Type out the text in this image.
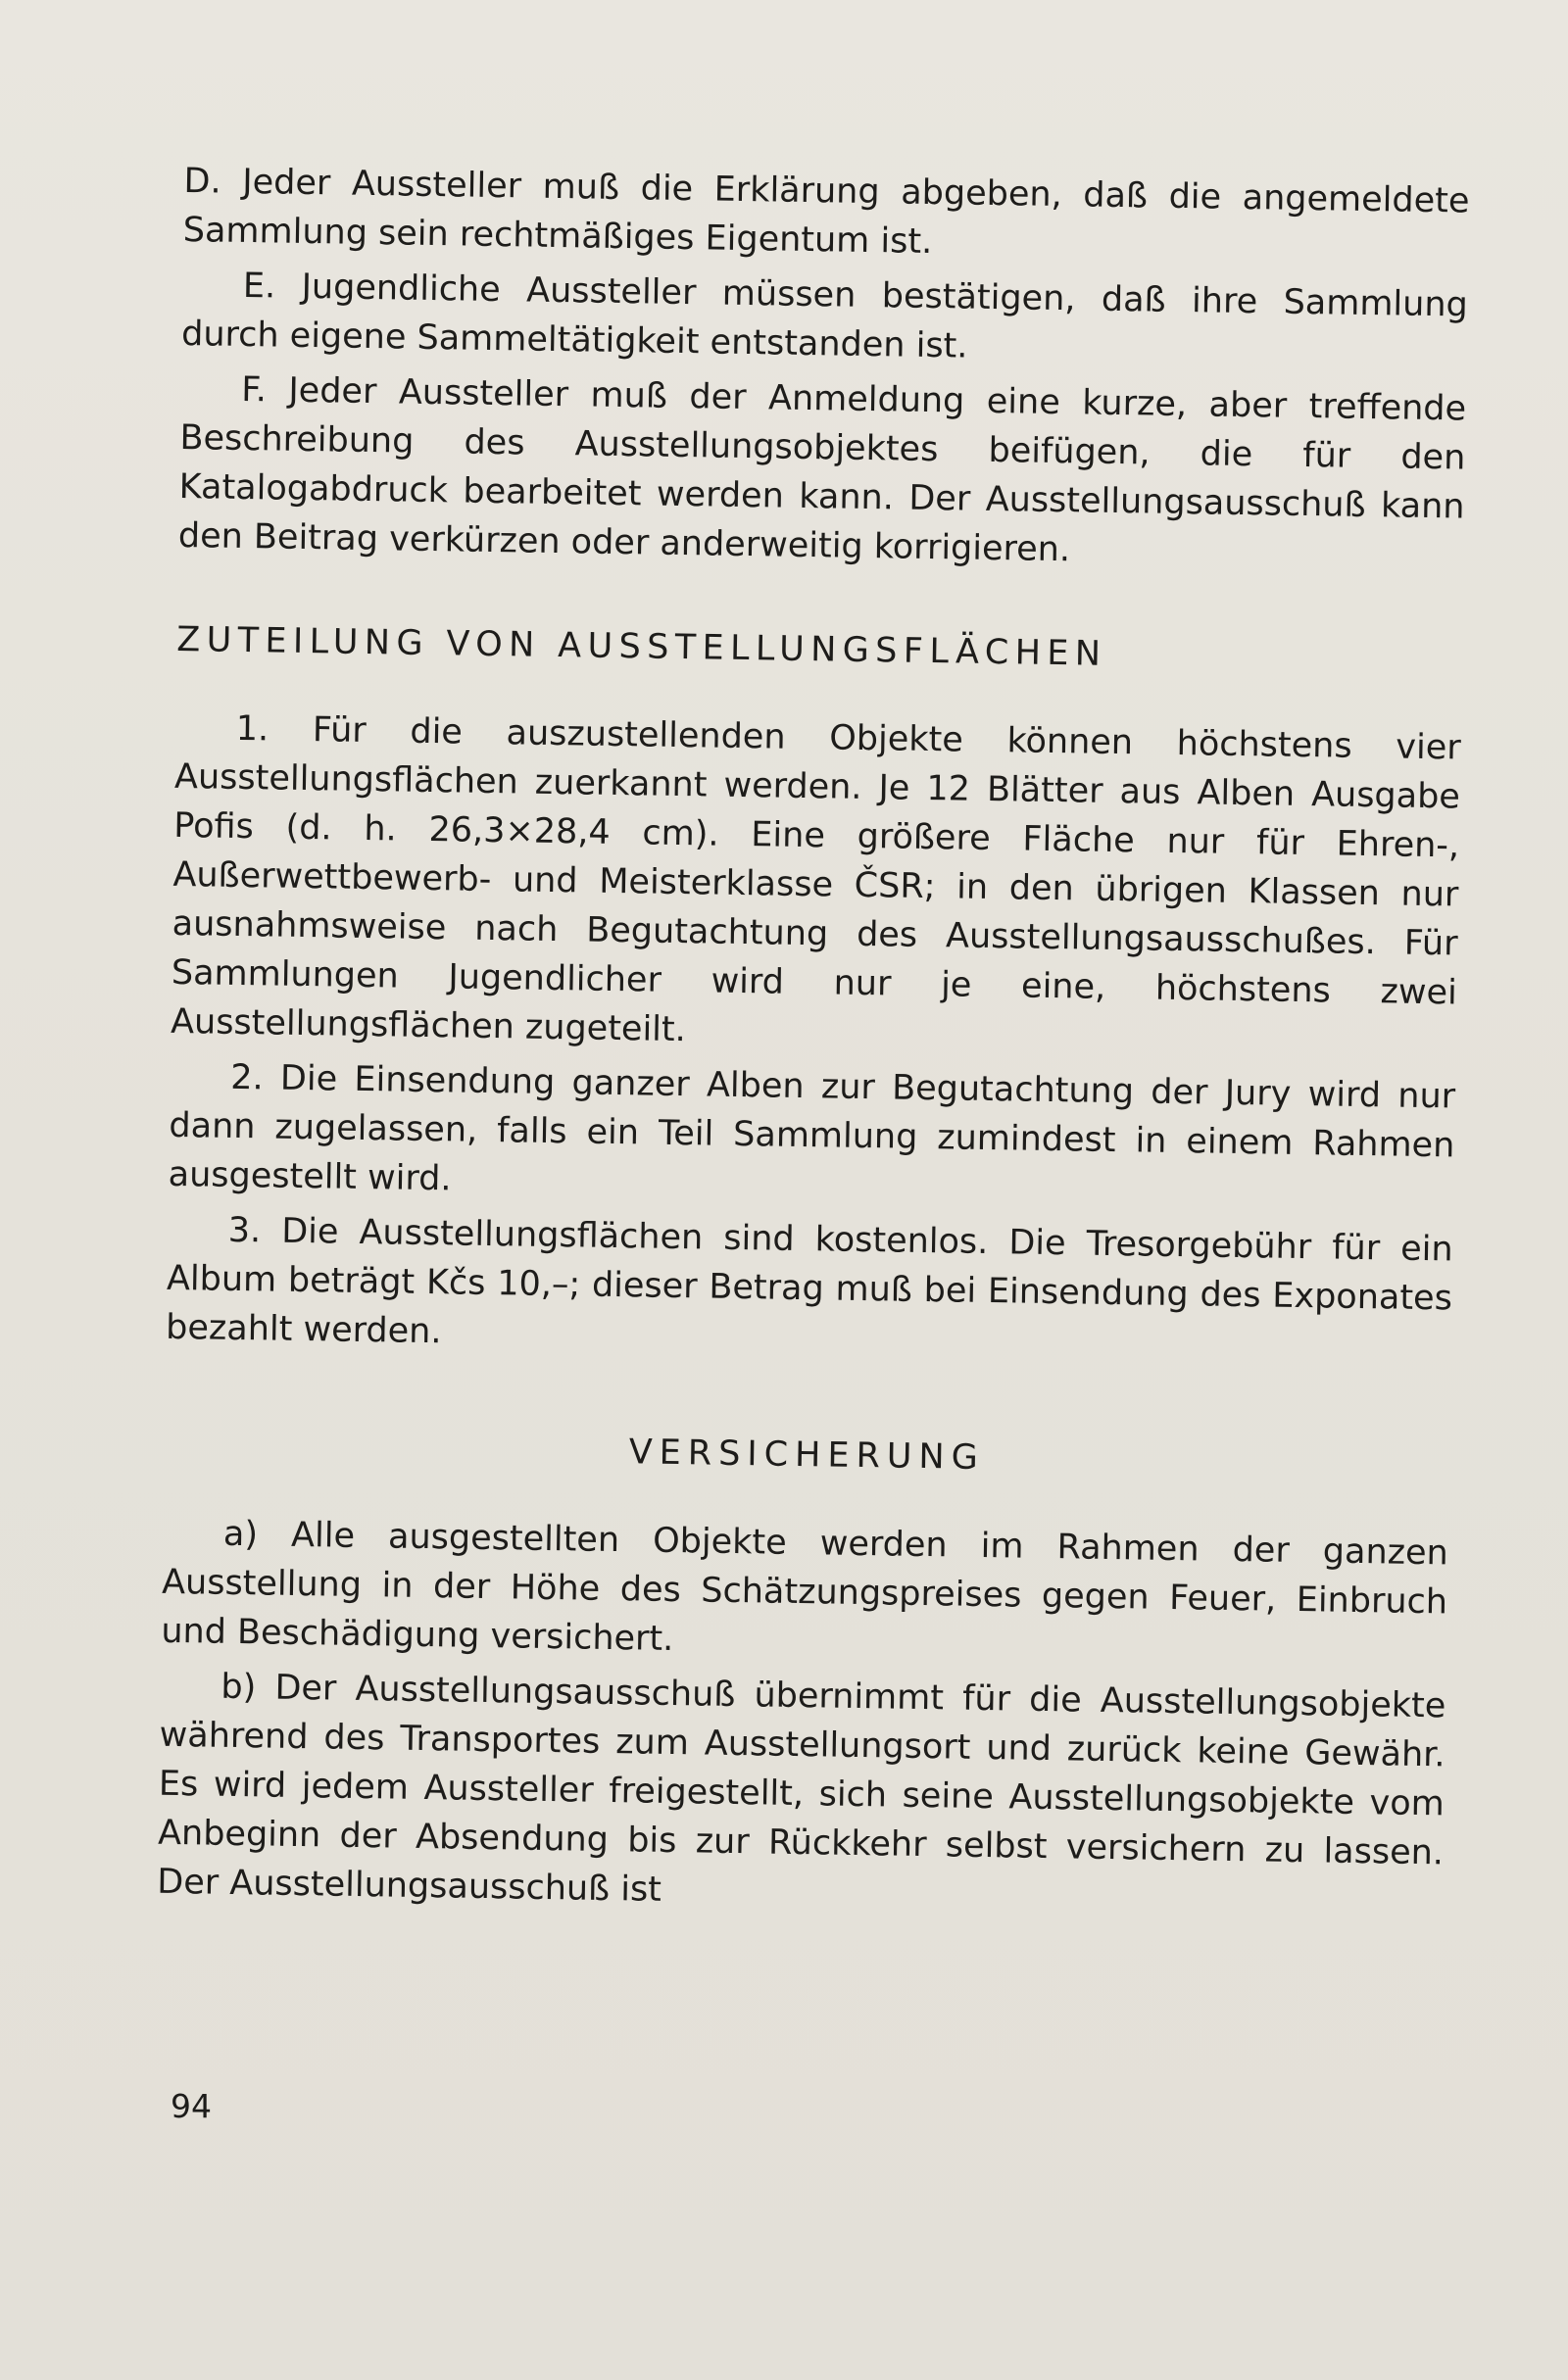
D. Jeder Aussteller muß die Erklärung abgeben, daß die angemeldete Sammlung sein rechtmäßiges Eigentum ist.

E. Jugendliche Aussteller müssen bestätigen, daß ihre Sammlung durch eigene Sammeltätigkeit entstanden ist.

F. Jeder Aussteller muß der Anmeldung eine kurze, aber treffende Beschreibung des Ausstellungsobjektes beifügen, die für den Katalogabdruck bearbeitet werden kann. Der Ausstellungsausschuß kann den Beitrag verkürzen oder anderweitig korrigieren.

ZUTEILUNG VON AUSSTELLUNGSFLÄCHEN

1. Für die auszustellenden Objekte können höchstens vier Ausstellungsflächen zuerkannt werden. Je 12 Blätter aus Alben Ausgabe Pofis (d. h. 26,3×28,4 cm). Eine größere Fläche nur für Ehren-, Außerwettbewerb- und Meisterklasse ČSR; in den übrigen Klassen nur ausnahmsweise nach Begutachtung des Ausstellungsausschußes. Für Sammlungen Jugendlicher wird nur je eine, höchstens zwei Ausstellungsflächen zugeteilt.

2. Die Einsendung ganzer Alben zur Begutachtung der Jury wird nur dann zugelassen, falls ein Teil Sammlung zumindest in einem Rahmen ausgestellt wird.

3. Die Ausstellungsflächen sind kostenlos. Die Tresorgebühr für ein Album beträgt Kčs 10,–; dieser Betrag muß bei Einsendung des Exponates bezahlt werden.

VERSICHERUNG

a) Alle ausgestellten Objekte werden im Rahmen der ganzen Ausstellung in der Höhe des Schätzungspreises gegen Feuer, Einbruch und Beschädigung versichert.

b) Der Ausstellungsausschuß übernimmt für die Ausstellungsobjekte während des Transportes zum Ausstellungsort und zurück keine Gewähr. Es wird jedem Aussteller freigestellt, sich seine Ausstellungsobjekte vom Anbeginn der Absendung bis zur Rückkehr selbst versichern zu lassen. Der Ausstellungsausschuß ist

94
